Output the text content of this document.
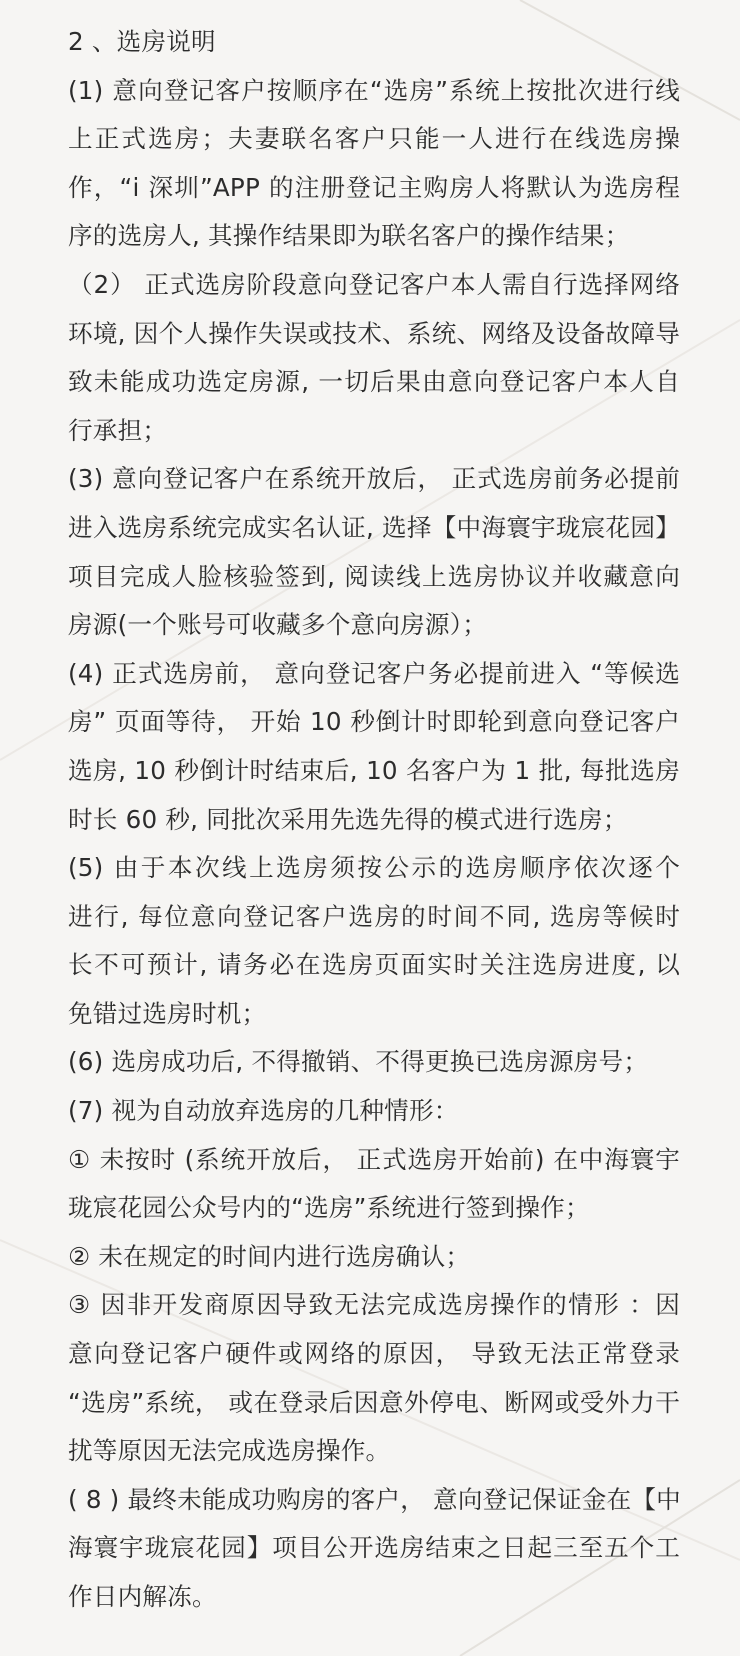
2 、选房说明
(1) 意向登记客户按顺序在“选房”系统上按批次进行线
上正式选房；夫妻联名客户只能一人进行在线选房操
作，“i 深圳”APP 的注册登记主购房人将默认为选房程
序的选房人, 其操作结果即为联名客户的操作结果；
（2） 正式选房阶段意向登记客户本人需自行选择网络
环境, 因个人操作失误或技术、系统、网络及设备故障导
致未能成功选定房源, 一切后果由意向登记客户本人自
行承担；
(3) 意向登记客户在系统开放后， 正式选房前务必提前
进入选房系统完成实名认证, 选择【中海寰宇珑宸花园】
项目完成人脸核验签到, 阅读线上选房协议并收藏意向
房源(一个账号可收藏多个意向房源）；
(4) 正式选房前， 意向登记客户务必提前进入 “等候选
房” 页面等待， 开始 10 秒倒计时即轮到意向登记客户
选房, 10 秒倒计时结束后, 10 名客户为 1 批, 每批选房
时长 60 秒, 同批次采用先选先得的模式进行选房；
(5) 由于本次线上选房须按公示的选房顺序依次逐个
进行, 每位意向登记客户选房的时间不同, 选房等候时
长不可预计, 请务必在选房页面实时关注选房进度, 以
免错过选房时机；
(6) 选房成功后, 不得撤销、不得更换已选房源房号；
(7) 视为自动放弃选房的几种情形：
① 未按时 (系统开放后， 正式选房开始前) 在中海寰宇
珑宸花园公众号内的“选房”系统进行签到操作；
② 未在规定的时间内进行选房确认；
③ 因非开发商原因导致无法完成选房操作的情形 ：因
意向登记客户硬件或网络的原因， 导致无法正常登录
“选房”系统， 或在登录后因意外停电、断网或受外力干
扰等原因无法完成选房操作。
( 8 ) 最终未能成功购房的客户， 意向登记保证金在【中
海寰宇珑宸花园】项目公开选房结束之日起三至五个工
作日内解冻。
